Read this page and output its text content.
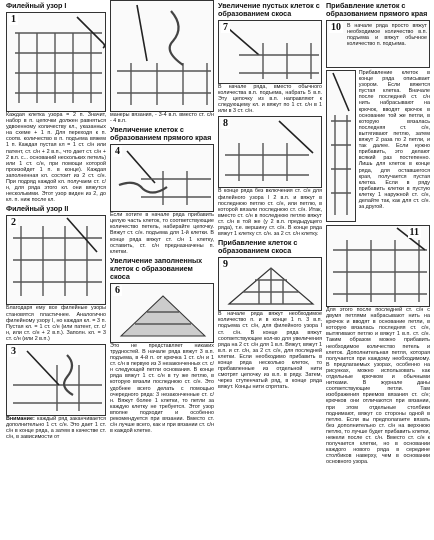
Филейный узор I
1

Каждая клетка узора = 2 п. Значит, набор в п. цепочки должен равняться удвоенному количеству кл., указанных на схеме + 1 п. Для переходя к п. соотв. количество в п. подъема вяжем 1 п. Каждая пустая кл = 1 ст. с/н или патент, ст. с/н + 2 в.п., что дает ст. с/н + 2 в.п. с... оснований нескольких петель) или 1 ст. с/н, при помощи которой произойдет 1 п. в конце). Каждая заполненная кл. состоит из 2 ст. с/н. При подряд каждой кл. получаем ст. с/н, для ряда этого кл. они вяжутся несколькими. Этот узор виден из 2, до кл. п. ниж после кл.

Филейный узор II
2

Благодаря ему все филейные узоры становятся пластичнее. Аналогично филейному узору I, но каждая кл. = 3 п. Пустая кл. = 1 ст. с/н (или патент, ст. с/н, или ст. с/н + 2 в.п.). Заполн. кл. = 3 ст. с/н (или 2 в.п.)

3

Внимание: каждый ряд заканчивается дополнительно 1 ст. с/н. Это дает 1 ст. с/н в конце ряда, а затем в качестве ст. с/н, в зависимости от

манеры вязания, - 3-4 в.п. вместо ст. с/н - 4 в.п.

Увеличение клеток с образованием прямого края
4

Если хотите в начале ряда прибавить целую часть клеток, то соответствующие количество петель, набирайте цепочку. Вяжут ст. с/н. подъема для 1-й клетки. В конце ряда вяжут ст. с/н 1 клетку, оставить, ст. с/н предназначены п. клетки.

Увеличение заполненных клеток с образованием скоса
6

Это не представляет никаких трудностей. В начале ряда вяжут 3 в.п. подъема, в 4-й п. от крючка 1 ст. с/н и 1 ст. с/н в первую из 3 незаконченных ст. с/н следующей петли основания. В конце ряда вяжут 1 ст. с/н в ту же петлю, в которую вязали последнюю ст. с/н. Это удобнее всего делать с помощью очередного ряда: 3 незаконченные ст. с/н. Вяжут более 1 клетки, то петли за каждую клетку не требуется. Этот узор вполне подходит и особенно рекомендуется при вязании. Вместо ст. с/н лучше всего, как и при вязании ст. с/н в каждой клетке.

Увеличение пустых клеток с образованием скоса
7

В начале ряда, вместо обычного количества в.п. подъема, набрать 5 в.п. Эту цепочку из в.п. направляют к следующему кл. и вяжут по 1 ст. с/н в 1 или в 3 ст. с/н.

8

В конце ряда без включения ст. с/н для филейного узора I 2 в.п. и вяжут в последнюю петлю ст. с/н, или петлю, в которой вязали последнюю ст. с/н. Итак, вместо ст. с/н в последнюю петлю вяжут ст. с/н в той же (у 2 в.п. предыдущего ряда), т.е. вершину ст. с/н. В конце ряда вяжут 1 клетку ст. с/н. за 2 ст. с/н клетку.

Прибавление клеток с образованием скоса
9

В начале ряда вяжут необходимое количество п. и в конце 1 п. 3 в.п. подъема ст. с/н, для филейного узора I ст. с/н. В конце ряда вяжут соответствующее кол-во для увеличения ряда на 2 ст. с/н для 1 в.п. Вяжут, вяжут 1 в.п. и ст. с/н, за 2 ст. с/н, для последней клетки. Если необходимо прибавить в конце ряда несколько клеток, то прибавленные из отдельной нити смотрят цепочку из в.п. в ряду. Затем, через ступенчатый ряд, в конце ряда вяжут. Концы нити спрятать.

Прибавление клеток с образованием прямого края
10	В начале ряда просто вяжут необходимое количество в.п. подъема и вяжут обычное количество п. подъема.

Прибавление клеток в конце ряда описывает узором. Если вяжется пустая клетка. Вначале после последней ст. с/н нить набрасывают на крючок, вводят крючок в основание той же петли, в которую вязалась последняя ст. с/н, вытягивают петлю, затем вяжут 2 раза по 2 петли, и так далее. Если нужно прибавить, это делают всякий раз постепенно. Лишь для клеток в конце ряда, для оставшегося края, получается пустая клетка. Если в ряду прибавить клетки в пустую клетку 1 наружной ст. с/н, делайте так, как для ст. с/н. за другой.

11

Для этого после последней ст. с/н с двумя петлями набрасывают нить на крючок и вводят в основание петли, в которую вязалась последняя ст. с/н, вытягивают петлю и вяжут 1 в.п. ст. с/н. Таким образом можно прибавить необходимое количество петель и клеток. Дополнительная петля, которая получается при каждому необходимому. В предлагаемых узорах, особенно на рисунках, можно использовать как отдельные крючком и обычными нитками. В журнале даны соответствующие петли. Там изображения приемов вязания ст. с/н; крючков они отличаются при вязании, при этом отдельные столбики поднимают, вяжут со стороны одной в петлю. Если вы предполагаете вязать без дополнительно ст. с/н на верхнюю петлю, то лучше будет прибавить клетки, нежели после ст. с/н. Вместо ст. с/н к получается клетки, но в основании каждого нового ряда в середине столбиков наверху, чем в основании основного узора.
